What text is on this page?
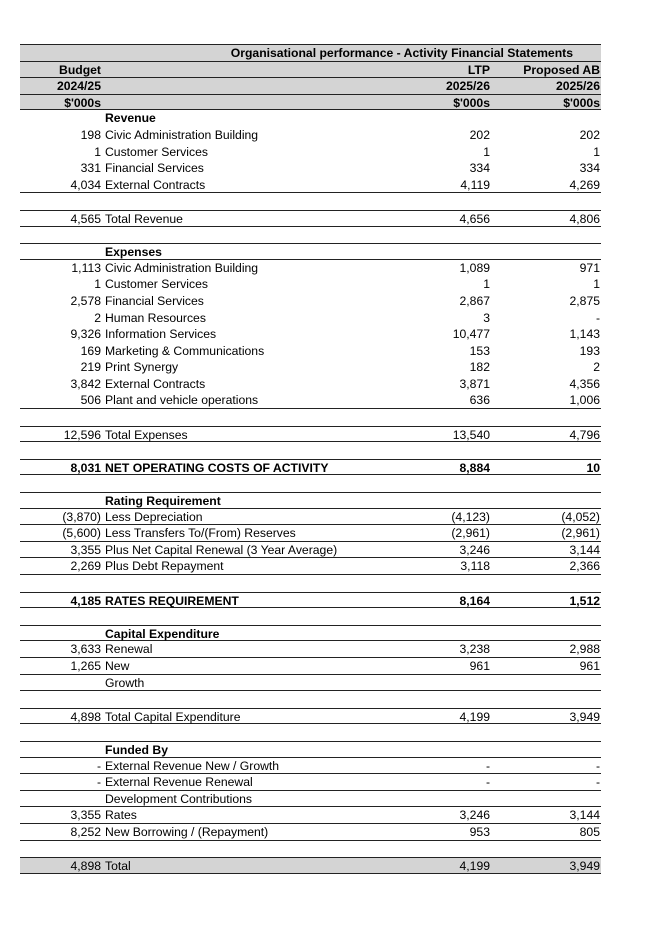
Organisational performance - Activity Financial Statements
Budget	LTP	Proposed AB
2024/25	2025/26	2025/26
$'000s	$'000s	$'000s
Revenue
198 Civic Administration Building	202	202
1 Customer Services	1	1
331 Financial Services	334	334
4,034 External Contracts	4,119	4,269
4,565 Total Revenue	4,656	4,806
Expenses
1,113 Civic Administration Building	1,089	971
1 Customer Services	1	1
2,578 Financial Services	2,867	2,875
2 Human Resources	3	-
9,326 Information Services	10,477	1,143
169 Marketing & Communications	153	193
219 Print Synergy	182	2
3,842 External Contracts	3,871	4,356
506 Plant and vehicle operations	636	1,006
12,596 Total Expenses	13,540	4,796
8,031 NET OPERATING COSTS OF ACTIVITY	8,884	10
Rating Requirement
(3,870) Less Depreciation	(4,123)	(4,052)
(5,600) Less Transfers To/(From) Reserves	(2,961)	(2,961)
3,355 Plus Net Capital Renewal (3 Year Average)	3,246	3,144
2,269 Plus Debt Repayment	3,118	2,366
4,185 RATES REQUIREMENT	8,164	1,512
Capital Expenditure
3,633 Renewal	3,238	2,988
1,265 New	961	961
Growth
4,898 Total Capital Expenditure	4,199	3,949
Funded By
- External Revenue New / Growth	-	-
- External Revenue Renewal	-	-
Development Contributions
3,355 Rates	3,246	3,144
8,252 New Borrowing / (Repayment)	953	805
4,898 Total	4,199	3,949
